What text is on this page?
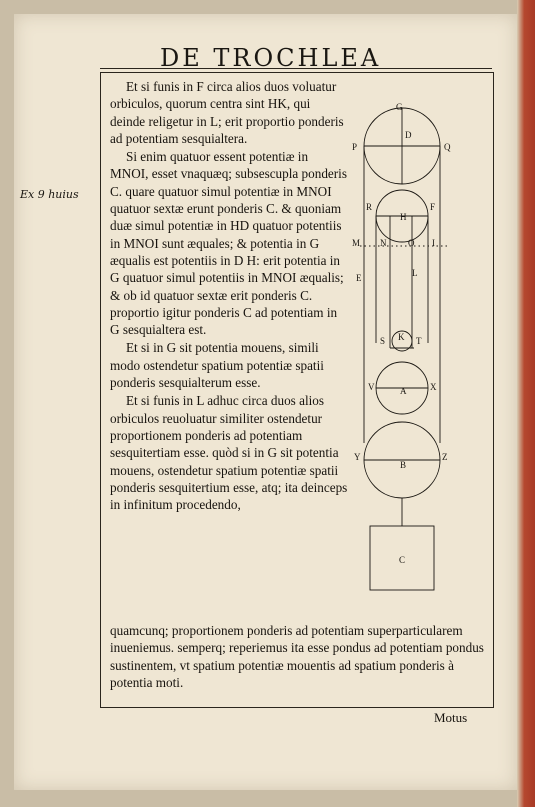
DE TROCHLEA
Ex 9 huius

Et si funis in F circa alios duos voluatur orbiculos, quorum centra sint HK, qui deinde religetur in L; erit proportio ponderis ad potentiam sesquialtera.

Si enim quatuor essent potentiæ in MNOI, esset vnaquæq; subsescupla ponderis C. quare quatuor simul potentiæ in MNOI quatuor sextæ erunt ponderis C. & quoniam duæ simul potentiæ in HD quatuor potentiis in MNOI sunt æquales; & potentia in G æqualis est potentiis in D H: erit potentia in G quatuor simul potentiis in MNOI æqualis; & ob id quatuor sextæ erit ponderis C. proportio igitur ponderis C ad potentiam in G sesquialtera est.

Et si in G sit potentia mouens, simili modo ostendetur spatium potentiæ spatii ponderis sesquialterum esse.

Et si funis in L adhuc circa duos alios orbiculos reuoluatur similiter ostendetur proportionem ponderis ad potentiam sesquitertiam esse. quòd si in G sit potentia mouens, ostendetur spatium potentiæ spatii ponderis sesquitertium esse, atq; ita deinceps in infinitum procedendo,

quamcunq; proportionem ponderis ad potentiam superparticularem inueniemus. semperq; reperiemus ita esse pondus ad potentiam pondus sustinentem, vt spatium potentiæ mouentis ad spatium ponderis à potentia moti.
Motus
G
P	Q
D
R
H
F
M N O I
E	L
S K T
V	A	X
Y
B
Z
C
